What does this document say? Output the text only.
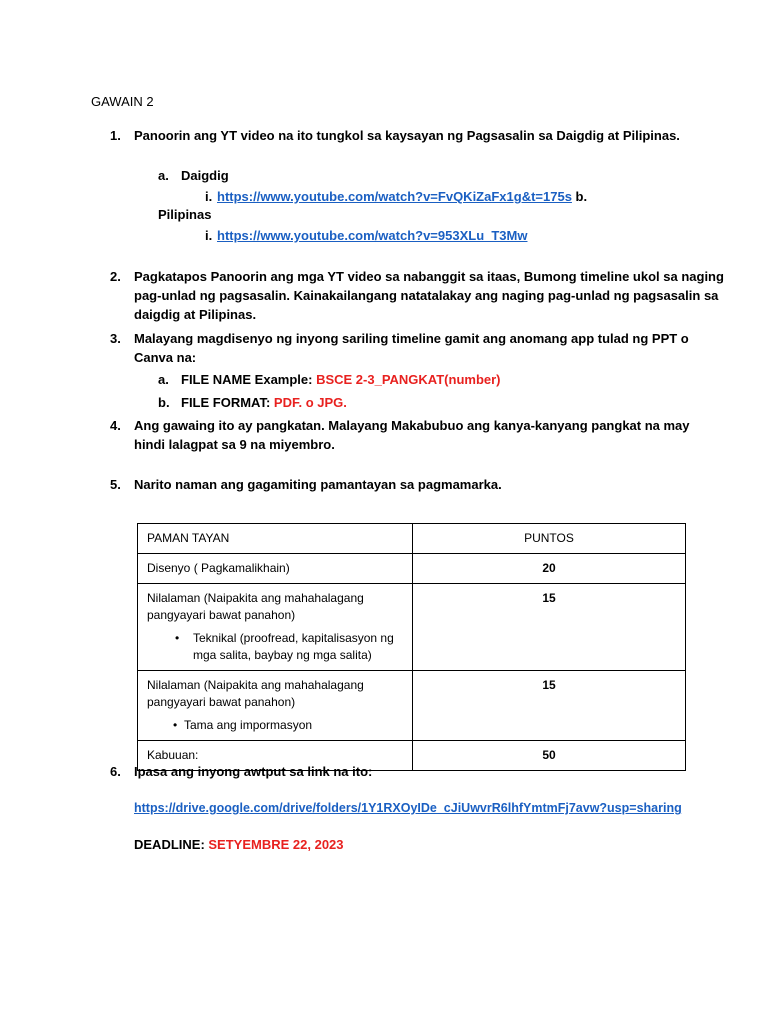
GAWAIN 2
1. Panoorin ang YT video na ito tungkol sa kaysayan ng Pagsasalin sa Daigdig at Pilipinas.
a. Daigdig
i. https://www.youtube.com/watch?v=FvQKiZaFx1g&t=175s b.
Pilipinas
i. https://www.youtube.com/watch?v=953XLu_T3Mw
2. Pagkatapos Panoorin ang mga YT video sa nabanggit sa itaas, Bumong timeline ukol sa naging
pag-unlad ng pagsasalin. Kainakailangang natatalakay ang naging pag-unlad ng pagsasalin sa
daigdig at Pilipinas.
3. Malayang magdisenyo ng inyong sariling timeline gamit ang anomang app tulad ng PPT o
Canva na:
a. FILE NAME Example: BSCE 2-3_PANGKAT(number)
b. FILE FORMAT: PDF. o JPG.
4. Ang gawaing ito ay pangkatan. Malayang Makabubuo ang kanya-kanyang pangkat na may
hindi lalagpat sa 9 na miyembro.
5. Narito naman ang gagamiting pamantayan sa pagmamarka.
PAMAN TAYAN	PUNTOS
Disenyo ( Pagkamalikhain)	20

Nilalaman (Naipakita ang mahahalagang pangyayari bawat panahon)
• Teknikal (proofread, kapitalisasyon ng mga salita, baybay ng mga salita)	15

Nilalaman (Naipakita ang mahahalagang pangyayari bawat panahon)
• Tama ang impormasyon	15
Kabuuan:	50
6. Ipasa ang inyong awtput sa link na ito:
https://drive.google.com/drive/folders/1Y1RXOyIDe_cJiUwvrR6lhfYmtmFj7avw?usp=sharing
DEADLINE: SETYEMBRE 22, 2023
